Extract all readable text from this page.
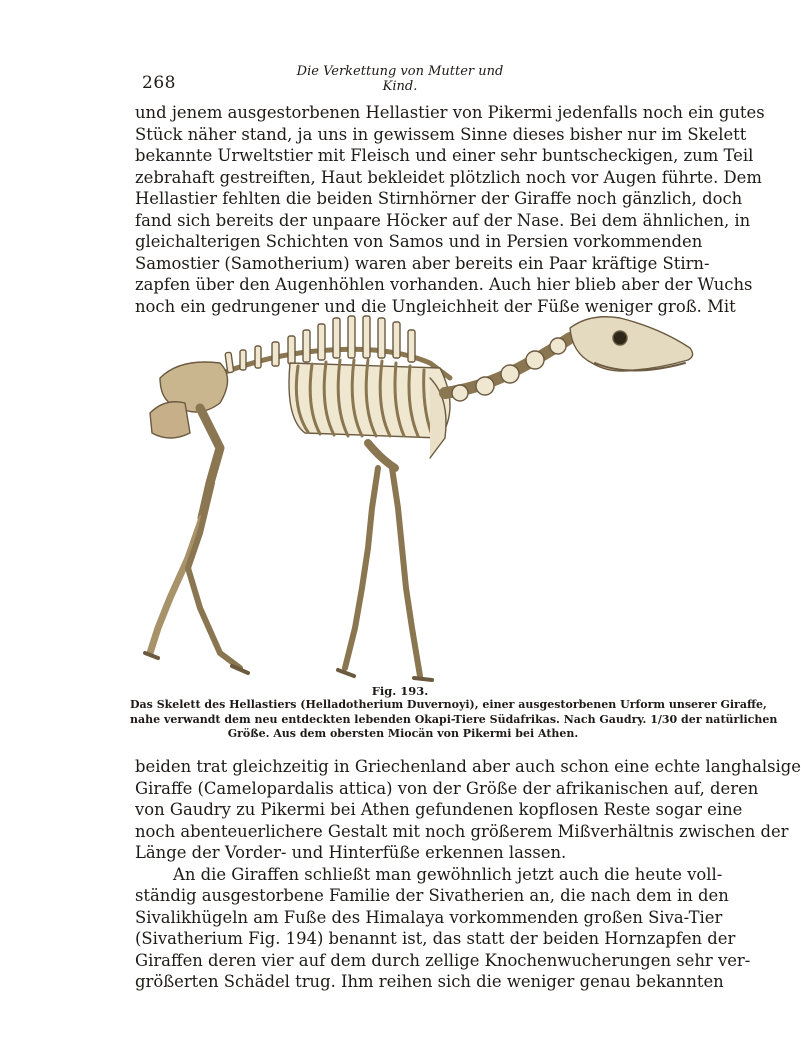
268
Die Verkettung von Mutter und Kind.
und jenem ausgestorbenen Hellastier von Pikermi jedenfalls noch ein gutes
Stück näher stand, ja uns in gewissem Sinne dieses bisher nur im Skelett
bekannte Urweltstier mit Fleisch und einer sehr buntscheckigen, zum Teil
zebrahaft gestreiften, Haut bekleidet plötzlich noch vor Augen führte. Dem
Hellastier fehlten die beiden Stirnhörner der Giraffe noch gänzlich, doch
fand sich bereits der unpaare Höcker auf der Nase. Bei dem ähnlichen, in
gleichalterigen Schichten von Samos und in Persien vorkommenden
Samostier (Samotherium) waren aber bereits ein Paar kräftige Stirn-
zapfen über den Augenhöhlen vorhanden. Auch hier blieb aber der Wuchs
noch ein gedrungener und die Ungleichheit der Füße weniger groß. Mit
Fig. 193.
Das Skelett des Hellastiers (Helladotherium Duvernoyi), einer ausgestorbenen Urform unserer Giraffe,
nahe verwandt dem neu entdeckten lebenden Okapi-Tiere Südafrikas. Nach Gaudry. 1/30 der natürlichen
Größe. Aus dem obersten Miocän von Pikermi bei Athen.
beiden trat gleichzeitig in Griechenland aber auch schon eine echte langhalsige
Giraffe (Camelopardalis attica) von der Größe der afrikanischen auf, deren
von Gaudry zu Pikermi bei Athen gefundenen kopflosen Reste sogar eine
noch abenteuerlichere Gestalt mit noch größerem Mißverhältnis zwischen der
Länge der Vorder- und Hinterfüße erkennen lassen.
An die Giraffen schließt man gewöhnlich jetzt auch die heute voll-
ständig ausgestorbene Familie der Sivatherien an, die nach dem in den
Sivalikhügeln am Fuße des Himalaya vorkommenden großen Siva-Tier
(Sivatherium Fig. 194) benannt ist, das statt der beiden Hornzapfen der
Giraffen deren vier auf dem durch zellige Knochenwucherungen sehr ver-
größerten Schädel trug. Ihm reihen sich die weniger genau bekannten
